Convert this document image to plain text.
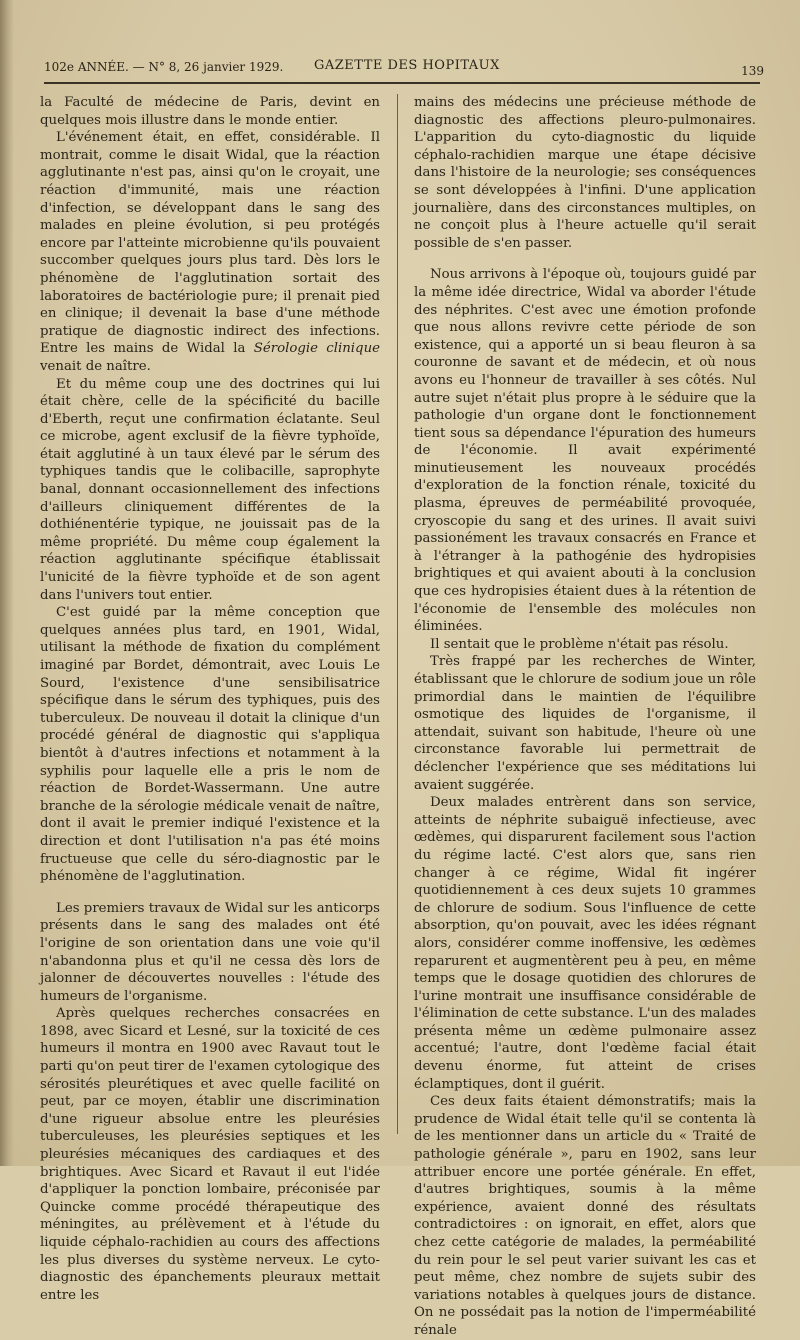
102e ANNÉE. — N° 8, 26 janvier 1929. GAZETTE DES HOPITAUX	139

la Faculté de médecine de Paris, devint en quelques mois illustre dans le monde entier.

L'événement était, en effet, considérable. Il montrait, comme le disait Widal, que la réaction agglutinante n'est pas, ainsi qu'on le croyait, une réaction d'immunité, mais une réaction d'infection, se développant dans le sang des malades en pleine évolution, si peu protégés encore par l'atteinte microbienne qu'ils pouvaient succomber quelques jours plus tard. Dès lors le phénomène de l'agglutination sortait des laboratoires de bactériologie pure; il prenait pied en clinique; il devenait la base d'une méthode pratique de diagnostic indirect des infections. Entre les mains de Widal la Sérologie clinique venait de naître.

Et du même coup une des doctrines qui lui était chère, celle de la spécificité du bacille d'Eberth, reçut une confirmation éclatante. Seul ce microbe, agent exclusif de la fièvre typhoïde, était agglutiné à un taux élevé par le sérum des typhiques tandis que le colibacille, saprophyte banal, donnant occasionnellement des infections d'ailleurs cliniquement différentes de la dothiénentérie typique, ne jouissait pas de la même propriété. Du même coup également la réaction agglutinante spécifique établissait l'unicité de la fièvre typhoïde et de son agent dans l'univers tout entier.

C'est guidé par la même conception que quelques années plus tard, en 1901, Widal, utilisant la méthode de fixation du complément imaginé par Bordet, démontrait, avec Louis Le Sourd, l'existence d'une sensibilisatrice spécifique dans le sérum des typhiques, puis des tuberculeux. De nouveau il dotait la clinique d'un procédé général de diagnostic qui s'appliqua bientôt à d'autres infections et notamment à la syphilis pour laquelle elle a pris le nom de réaction de Bordet-Wassermann. Une autre branche de la sérologie médicale venait de naître, dont il avait le premier indiqué l'existence et la direction et dont l'utilisation n'a pas été moins fructueuse que celle du séro-diagnostic par le phénomène de l'agglutination.

Les premiers travaux de Widal sur les anticorps présents dans le sang des malades ont été l'origine de son orientation dans une voie qu'il n'abandonna plus et qu'il ne cessa dès lors de jalonner de découvertes nouvelles : l'étude des humeurs de l'organisme.

Après quelques recherches consacrées en 1898, avec Sicard et Lesné, sur la toxicité de ces humeurs il montra en 1900 avec Ravaut tout le parti qu'on peut tirer de l'examen cytologique des sérosités pleurétiques et avec quelle facilité on peut, par ce moyen, établir une discrimination d'une rigueur absolue entre les pleurésies tuberculeuses, les pleurésies septiques et les pleurésies mécaniques des cardiaques et des brightiques. Avec Sicard et Ravaut il eut l'idée d'appliquer la ponction lombaire, préconisée par Quincke comme procédé thérapeutique des méningites, au prélèvement et à l'étude du liquide céphalo-rachidien au cours des affections les plus diverses du système nerveux. Le cyto-diagnostic des épanchements pleuraux mettait entre les

mains des médecins une précieuse méthode de diagnostic des affections pleuro-pulmonaires. L'apparition du cyto-diagnostic du liquide céphalo-rachidien marque une étape décisive dans l'histoire de la neurologie; ses conséquences se sont développées à l'infini. D'une application journalière, dans des circonstances multiples, on ne conçoit plus à l'heure actuelle qu'il serait possible de s'en passer.

Nous arrivons à l'époque où, toujours guidé par la même idée directrice, Widal va aborder l'étude des néphrites. C'est avec une émotion profonde que nous allons revivre cette période de son existence, qui a apporté un si beau fleuron à sa couronne de savant et de médecin, et où nous avons eu l'honneur de travailler à ses côtés. Nul autre sujet n'était plus propre à le séduire que la pathologie d'un organe dont le fonctionnement tient sous sa dépendance l'épuration des humeurs de l'économie. Il avait expérimenté minutieusement les nouveaux procédés d'exploration de la fonction rénale, toxicité du plasma, épreuves de perméabilité provoquée, cryoscopie du sang et des urines. Il avait suivi passionément les travaux consacrés en France et à l'étranger à la pathogénie des hydropisies brightiques et qui avaient abouti à la conclusion que ces hydropisies étaient dues à la rétention de l'économie de l'ensemble des molécules non éliminées.

Il sentait que le problème n'était pas résolu.

Très frappé par les recherches de Winter, établissant que le chlorure de sodium joue un rôle primordial dans le maintien de l'équilibre osmotique des liquides de l'organisme, il attendait, suivant son habitude, l'heure où une circonstance favorable lui permettrait de déclencher l'expérience que ses méditations lui avaient suggérée.

Deux malades entrèrent dans son service, atteints de néphrite subaiguë infectieuse, avec œdèmes, qui disparurent facilement sous l'action du régime lacté. C'est alors que, sans rien changer à ce régime, Widal fit ingérer quotidiennement à ces deux sujets 10 grammes de chlorure de sodium. Sous l'influence de cette absorption, qu'on pouvait, avec les idées régnant alors, considérer comme inoffensive, les œdèmes reparurent et augmentèrent peu à peu, en même temps que le dosage quotidien des chlorures de l'urine montrait une insuffisance considérable de l'élimination de cette substance. L'un des malades présenta même un œdème pulmonaire assez accentué; l'autre, dont l'œdème facial était devenu énorme, fut atteint de crises éclamptiques, dont il guérit.

Ces deux faits étaient démonstratifs; mais la prudence de Widal était telle qu'il se contenta là de les mentionner dans un article du « Traité de pathologie générale », paru en 1902, sans leur attribuer encore une portée générale. En effet, d'autres brightiques, soumis à la même expérience, avaient donné des résultats contradictoires : on ignorait, en effet, alors que chez cette catégorie de malades, la perméabilité du rein pour le sel peut varier suivant les cas et peut même, chez nombre de sujets subir des variations notables à quelques jours de distance. On ne possédait pas la notion de l'imperméabilité rénale
